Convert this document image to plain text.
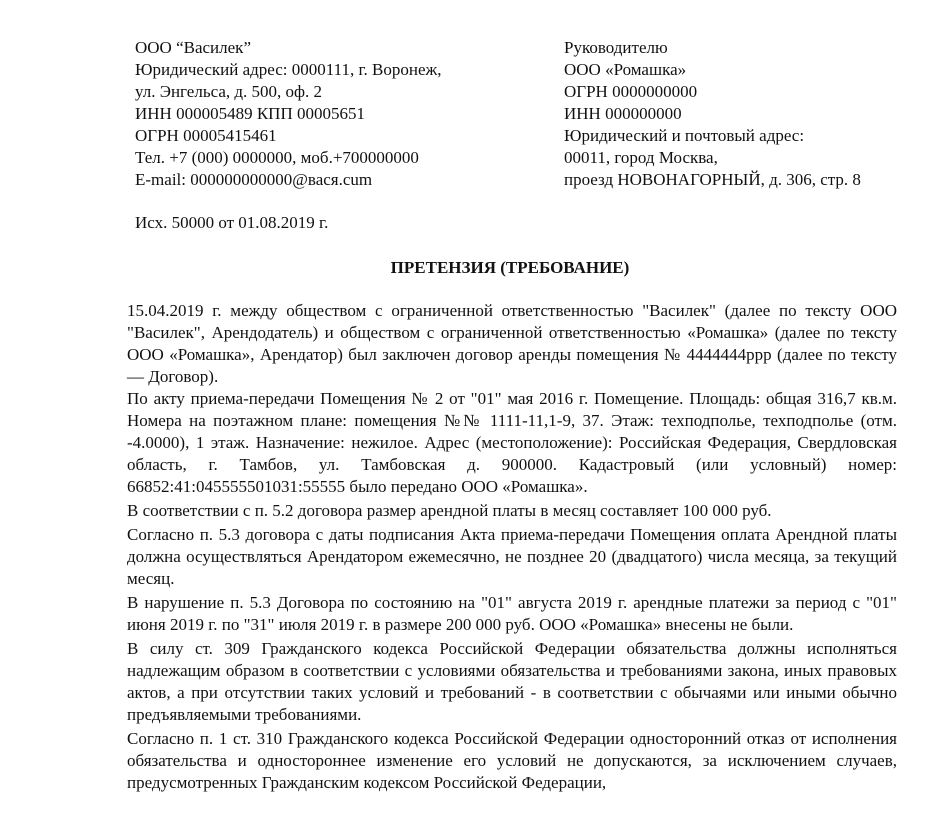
ООО “Василек”

Юридический адрес: 0000111, г. Воронеж,

ул. Энгельса, д. 500, оф. 2

ИНН 000005489 КПП 00005651

ОГРН 00005415461

Тел. +7 (000) 0000000, моб.+700000000

E-mail: 000000000000@вася.cum

Руководителю

ООО «Ромашка»

ОГРН 0000000000

ИНН 000000000

Юридический и почтовый адрес:

00011, город Москва,

проезд НОВОНАГОРНЫЙ, д. 306, стр. 8

Исх. 50000 от 01.08.2019 г.

ПРЕТЕНЗИЯ (ТРЕБОВАНИЕ)

15.04.2019 г. между обществом с ограниченной ответственностью "Василек" (далее по тексту ООО "Василек", Арендодатель) и обществом с ограниченной ответственностью «Ромашка» (далее по тексту ООО «Ромашка», Арендатор) был заключен договор аренды помещения № 4444444ррр (далее по тексту — Договор).

По акту приема-передачи Помещения № 2 от "01" мая 2016 г. Помещение. Площадь: общая 316,7 кв.м. Номера на поэтажном плане: помещения №№ 1111-11,1-9, 37. Этаж: техподполье, техподполье (отм. -4.0000), 1 этаж. Назначение: нежилое. Адрес (местоположение): Российская Федерация, Свердловская область, г. Тамбов, ул. Тамбовская д. 900000. Кадастровый (или условный) номер: 66852:41:045555501031:55555 было передано ООО «Ромашка».

В соответствии с п. 5.2 договора размер арендной платы в месяц составляет 100 000 руб.

Согласно п. 5.3 договора с даты подписания Акта приема-передачи Помещения оплата Арендной платы должна осуществляться Арендатором ежемесячно, не позднее 20 (двадцатого) числа месяца, за текущий месяц.

В нарушение п. 5.3 Договора по состоянию на "01" августа 2019 г. арендные платежи за период с "01" июня 2019 г. по "31" июля 2019 г. в размере 200 000 руб. ООО «Ромашка» внесены не были.

В силу ст. 309 Гражданского кодекса Российской Федерации обязательства должны исполняться надлежащим образом в соответствии с условиями обязательства и требованиями закона, иных правовых актов, а при отсутствии таких условий и требований - в соответствии с обычаями или иными обычно предъявляемыми требованиями.

Согласно п. 1 ст. 310 Гражданского кодекса Российской Федерации односторонний отказ от исполнения обязательства и одностороннее изменение его условий не допускаются, за исключением случаев, предусмотренных Гражданским кодексом Российской Федерации,
